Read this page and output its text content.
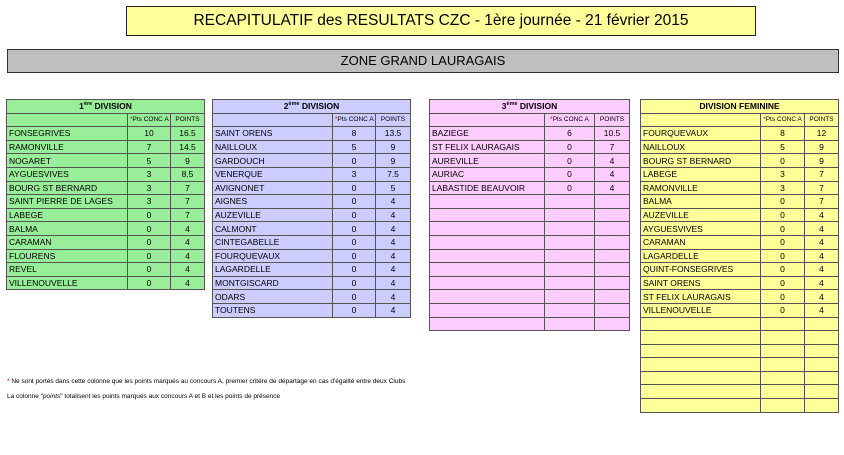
RECAPITULATIF des RESULTATS CZC - 1ère journée - 21 février 2015
ZONE GRAND LAURAGAIS
1ère DIVISION		
	*Pts CONC A	POINTS
FONSEGRIVES	10	16.5
RAMONVILLE	7	14.5
NOGARET	5	9
AYGUESVIVES	3	8.5
BOURG ST BERNARD	3	7
SAINT PIERRE DE LAGES	3	7
LABEGE	0	7
BALMA	0	4
CARAMAN	0	4
FLOURENS	0	4
REVEL	0	4
VILLENOUVELLE	0	4
2ème DIVISION		
	*Pts CONC A	POINTS
SAINT ORENS	8	13.5
NAILLOUX	5	9
GARDOUCH	0	9
VENERQUE	3	7.5
AVIGNONET	0	5
AIGNES	0	4
AUZEVILLE	0	4
CALMONT	0	4
CINTEGABELLE	0	4
FOURQUEVAUX	0	4
LAGARDELLE	0	4
MONTGISCARD	0	4
ODARS	0	4
TOUTENS	0	4
3ème DIVISION		
	*Pts CONC A	POINTS
BAZIEGE	6	10.5
ST FELIX LAURAGAIS	0	7
AUREVILLE	0	4
AURIAC	0	4
LABASTIDE BEAUVOIR	0	4

DIVISION FEMININE		
	*Pts CONC A	POINTS
FOURQUEVAUX	8	12
NAILLOUX	5	9
BOURG ST BERNARD	0	9
LABEGE	3	7
RAMONVILLE	3	7
BALMA	0	7
AUZEVILLE	0	4
AYGUESVIVES	0	4
CARAMAN	0	4
LAGARDELLE	0	4
QUINT-FONSEGRIVES	0	4
SAINT ORENS	0	4
ST FELIX LAURAGAIS	0	4
VILLENOUVELLE	0	4

* Ne sont portés dans cette colonne que les points marqués au concours A, premier critère de départage en cas d'égalité entre deux Clubs
La colonne "points" totalisent les points marqués aux concours A et B et les points de présence
